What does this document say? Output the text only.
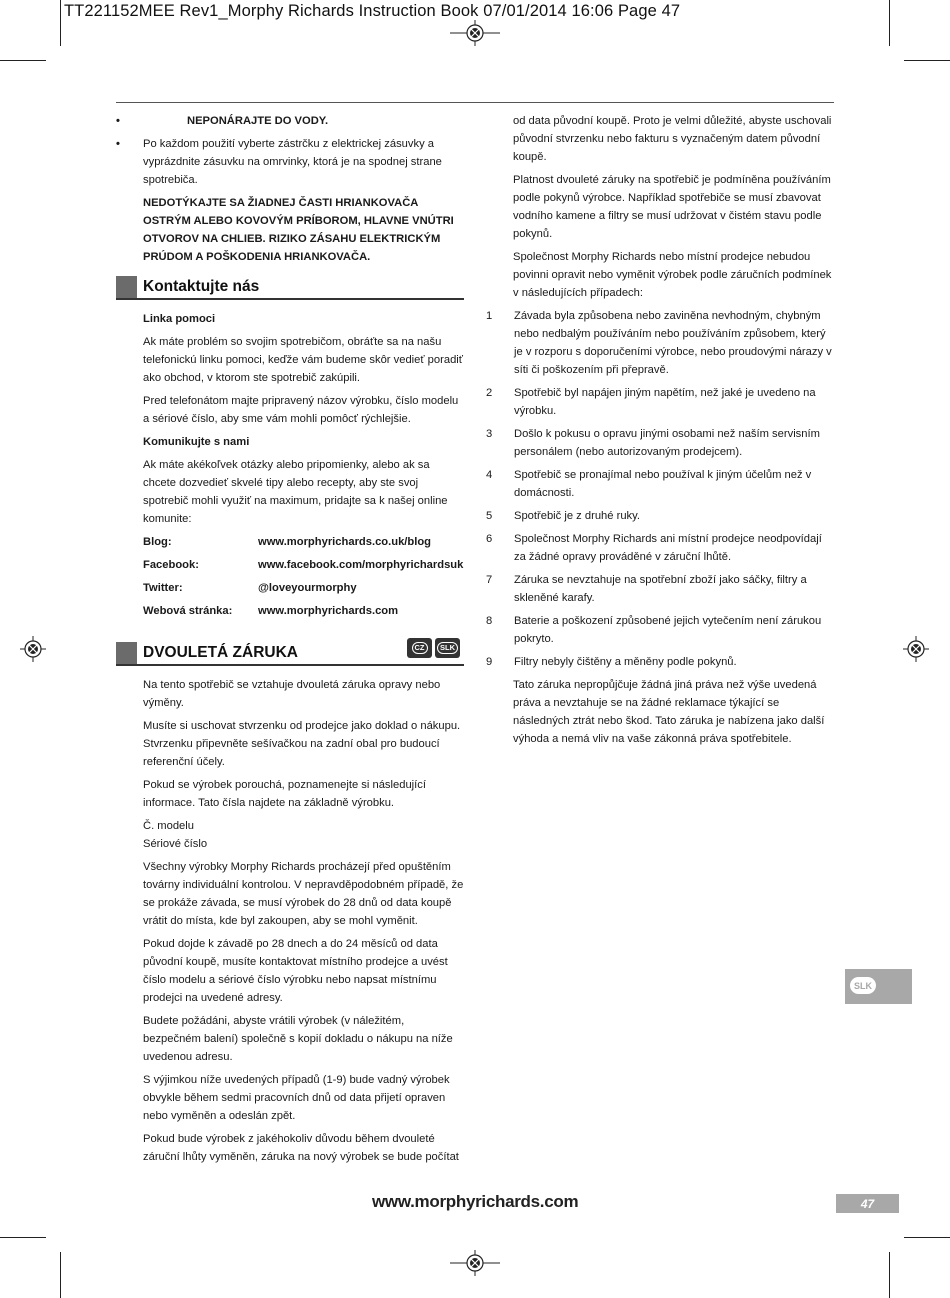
TT221152MEE Rev1_Morphy Richards Instruction Book 07/01/2014 16:06 Page 47
•	NEPONÁRAJTE DO VODY.
• Po každom použití vyberte zástrčku z elektrickej zásuvky a vyprázdnite zásuvku na omrvinky, ktorá je na spodnej strane spotrebiča.
NEDOTÝKAJTE SA ŽIADNEJ ČASTI HRIANKOVAČA OSTRÝM ALEBO KOVOVÝM PRÍBOROM, HLAVNE VNÚTRI OTVOROV NA CHLIEB. RIZIKO ZÁSAHU ELEKTRICKÝM PRÚDOM A POŠKODENIA HRIANKOVAČA.
Kontaktujte nás
Linka pomoci
Ak máte problém so svojim spotrebičom, obráťte sa na našu telefonickú linku pomoci, keďže vám budeme skôr vedieť poradiť ako obchod, v ktorom ste spotrebič zakúpili.
Pred telefonátom majte pripravený názov výrobku, číslo modelu a sériové číslo, aby sme vám mohli pomôcť rýchlejšie.
Komunikujte s nami
Ak máte akékoľvek otázky alebo pripomienky, alebo ak sa chcete dozvedieť skvelé tipy alebo recepty, aby ste svoj spotrebič mohli využiť na maximum, pridajte sa k našej online komunite:
Blog:	www.morphyrichards.co.uk/blog
Facebook:	www.facebook.com/morphyrichardsuk
Twitter:	@loveyourmorphy
Webová stránka:	www.morphyrichards.com
DVOULETÁ ZÁRUKA	CZ	SLK
Na tento spotřebič se vztahuje dvouletá záruka opravy nebo výměny.
Musíte si uschovat stvrzenku od prodejce jako doklad o nákupu. Stvrzenku připevněte sešívačkou na zadní obal pro budoucí referenční účely.
Pokud se výrobek porouchá, poznamenejte si následující informace. Tato čísla najdete na základně výrobku.
Č. modelu
Sériové číslo
Všechny výrobky Morphy Richards procházejí před opuštěním továrny individuální kontrolou. V nepravděpodobném případě, že se prokáže závada, se musí výrobek do 28 dnů od data koupě vrátit do místa, kde byl zakoupen, aby se mohl vyměnit.
Pokud dojde k závadě po 28 dnech a do 24 měsíců od data původní koupě, musíte kontaktovat místního prodejce a uvést číslo modelu a sériové číslo výrobku nebo napsat místnímu prodejci na uvedené adresy.
Budete požádáni, abyste vrátili výrobek (v náležitém, bezpečném balení) společně s kopií dokladu o nákupu na níže uvedenou adresu.
S výjimkou níže uvedených případů (1-9) bude vadný výrobek obvykle během sedmi pracovních dnů od data přijetí opraven nebo vyměněn a odeslán zpět.
Pokud bude výrobek z jakéhokoliv důvodu během dvouleté záruční lhůty vyměněn, záruka na nový výrobek se bude počítat
od data původní koupě. Proto je velmi důležité, abyste uschovali původní stvrzenku nebo fakturu s vyznačeným datem původní koupě.
Platnost dvouleté záruky na spotřebič je podmíněna používáním podle pokynů výrobce. Například spotřebiče se musí zbavovat vodního kamene a filtry se musí udržovat v čistém stavu podle pokynů.
Společnost Morphy Richards nebo místní prodejce nebudou povinni opravit nebo vyměnit výrobek podle záručních podmínek v následujících případech:
1	Závada byla způsobena nebo zaviněna nevhodným, chybným nebo nedbalým používáním nebo používáním způsobem, který je v rozporu s doporučeními výrobce, nebo proudovými nárazy v síti či poškozením při přepravě.
2	Spotřebič byl napájen jiným napětím, než jaké je uvedeno na výrobku.
3	Došlo k pokusu o opravu jinými osobami než naším servisním personálem (nebo autorizovaným prodejcem).
4	Spotřebič se pronajímal nebo používal k jiným účelům než v domácnosti.
5	Spotřebič je z druhé ruky.
6	Společnost Morphy Richards ani místní prodejce neodpovídají za žádné opravy prováděné v záruční lhůtě.
7	Záruka se nevztahuje na spotřební zboží jako sáčky, filtry a skleněné karafy.
8	Baterie a poškození způsobené jejich vytečením není zárukou pokryto.
9	Filtry nebyly čištěny a měněny podle pokynů.
Tato záruka nepropůjčuje žádná jiná práva než výše uvedená práva a nevztahuje se na žádné reklamace týkající se následných ztrát nebo škod. Tato záruka je nabízena jako další výhoda a nemá vliv na vaše zákonná práva spotřebitele.
SLK
www.morphyrichards.com	47
